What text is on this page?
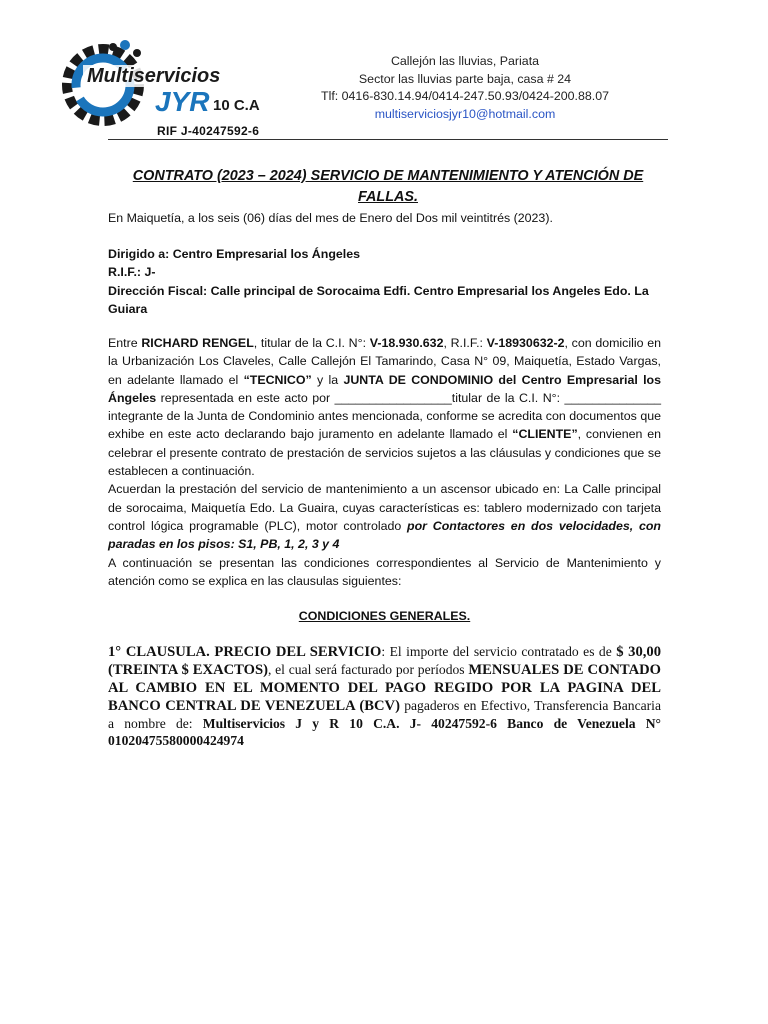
Multiservicios
JYR 10 C.A
RIF J-40247592-6
Callejón las lluvias, Pariata
Sector las lluvias parte baja, casa # 24
Tlf: 0416-830.14.94/0414-247.50.93/0424-200.88.07
multiserviciosjyr10@hotmail.com
CONTRATO (2023 – 2024) SERVICIO DE MANTENIMIENTO Y ATENCIÓN DE FALLAS.
En Maiquetía, a los seis (06) días del mes de Enero del Dos mil veintitrés (2023).
Dirigido a: Centro Empresarial los Ángeles
R.I.F.: J-
Dirección Fiscal: Calle principal de Sorocaima Edfi. Centro Empresarial los Angeles Edo. La Guiara
Entre RICHARD RENGEL, titular de la C.I. N°: V-18.930.632, R.I.F.: V-18930632-2, con domicilio en la Urbanización Los Claveles, Calle Callejón El Tamarindo, Casa N° 09, Maiquetía, Estado Vargas, en adelante llamado el “TECNICO” y la JUNTA DE CONDOMINIO del Centro Empresarial los Ángeles representada en este acto por _________________titular de la C.I. N°: ______________ integrante de la Junta de Condominio antes mencionada, conforme se acredita con documentos que exhibe en este acto declarando bajo juramento en adelante llamado el “CLIENTE”, convienen en celebrar el presente contrato de prestación de servicios sujetos a las cláusulas y condiciones que se establecen a continuación.
Acuerdan la prestación del servicio de mantenimiento a un ascensor ubicado en: La Calle principal de sorocaima, Maiquetía Edo. La Guaira, cuyas características es: tablero modernizado con tarjeta control lógica programable (PLC), motor controlado por Contactores en dos velocidades, con paradas en los pisos: S1, PB, 1, 2, 3 y 4
A continuación se presentan las condiciones correspondientes al Servicio de Mantenimiento y atención como se explica en las clausulas siguientes:
CONDICIONES GENERALES.
1° CLAUSULA. PRECIO DEL SERVICIO: El importe del servicio contratado es de $ 30,00 (TREINTA $ EXACTOS), el cual será facturado por períodos MENSUALES DE CONTADO AL CAMBIO EN EL MOMENTO DEL PAGO REGIDO POR LA PAGINA DEL BANCO CENTRAL DE VENEZUELA (BCV) pagaderos en Efectivo, Transferencia Bancaria a nombre de: Multiservicios J y R 10 C.A. J- 40247592-6 Banco de Venezuela N° 01020475580000424974
